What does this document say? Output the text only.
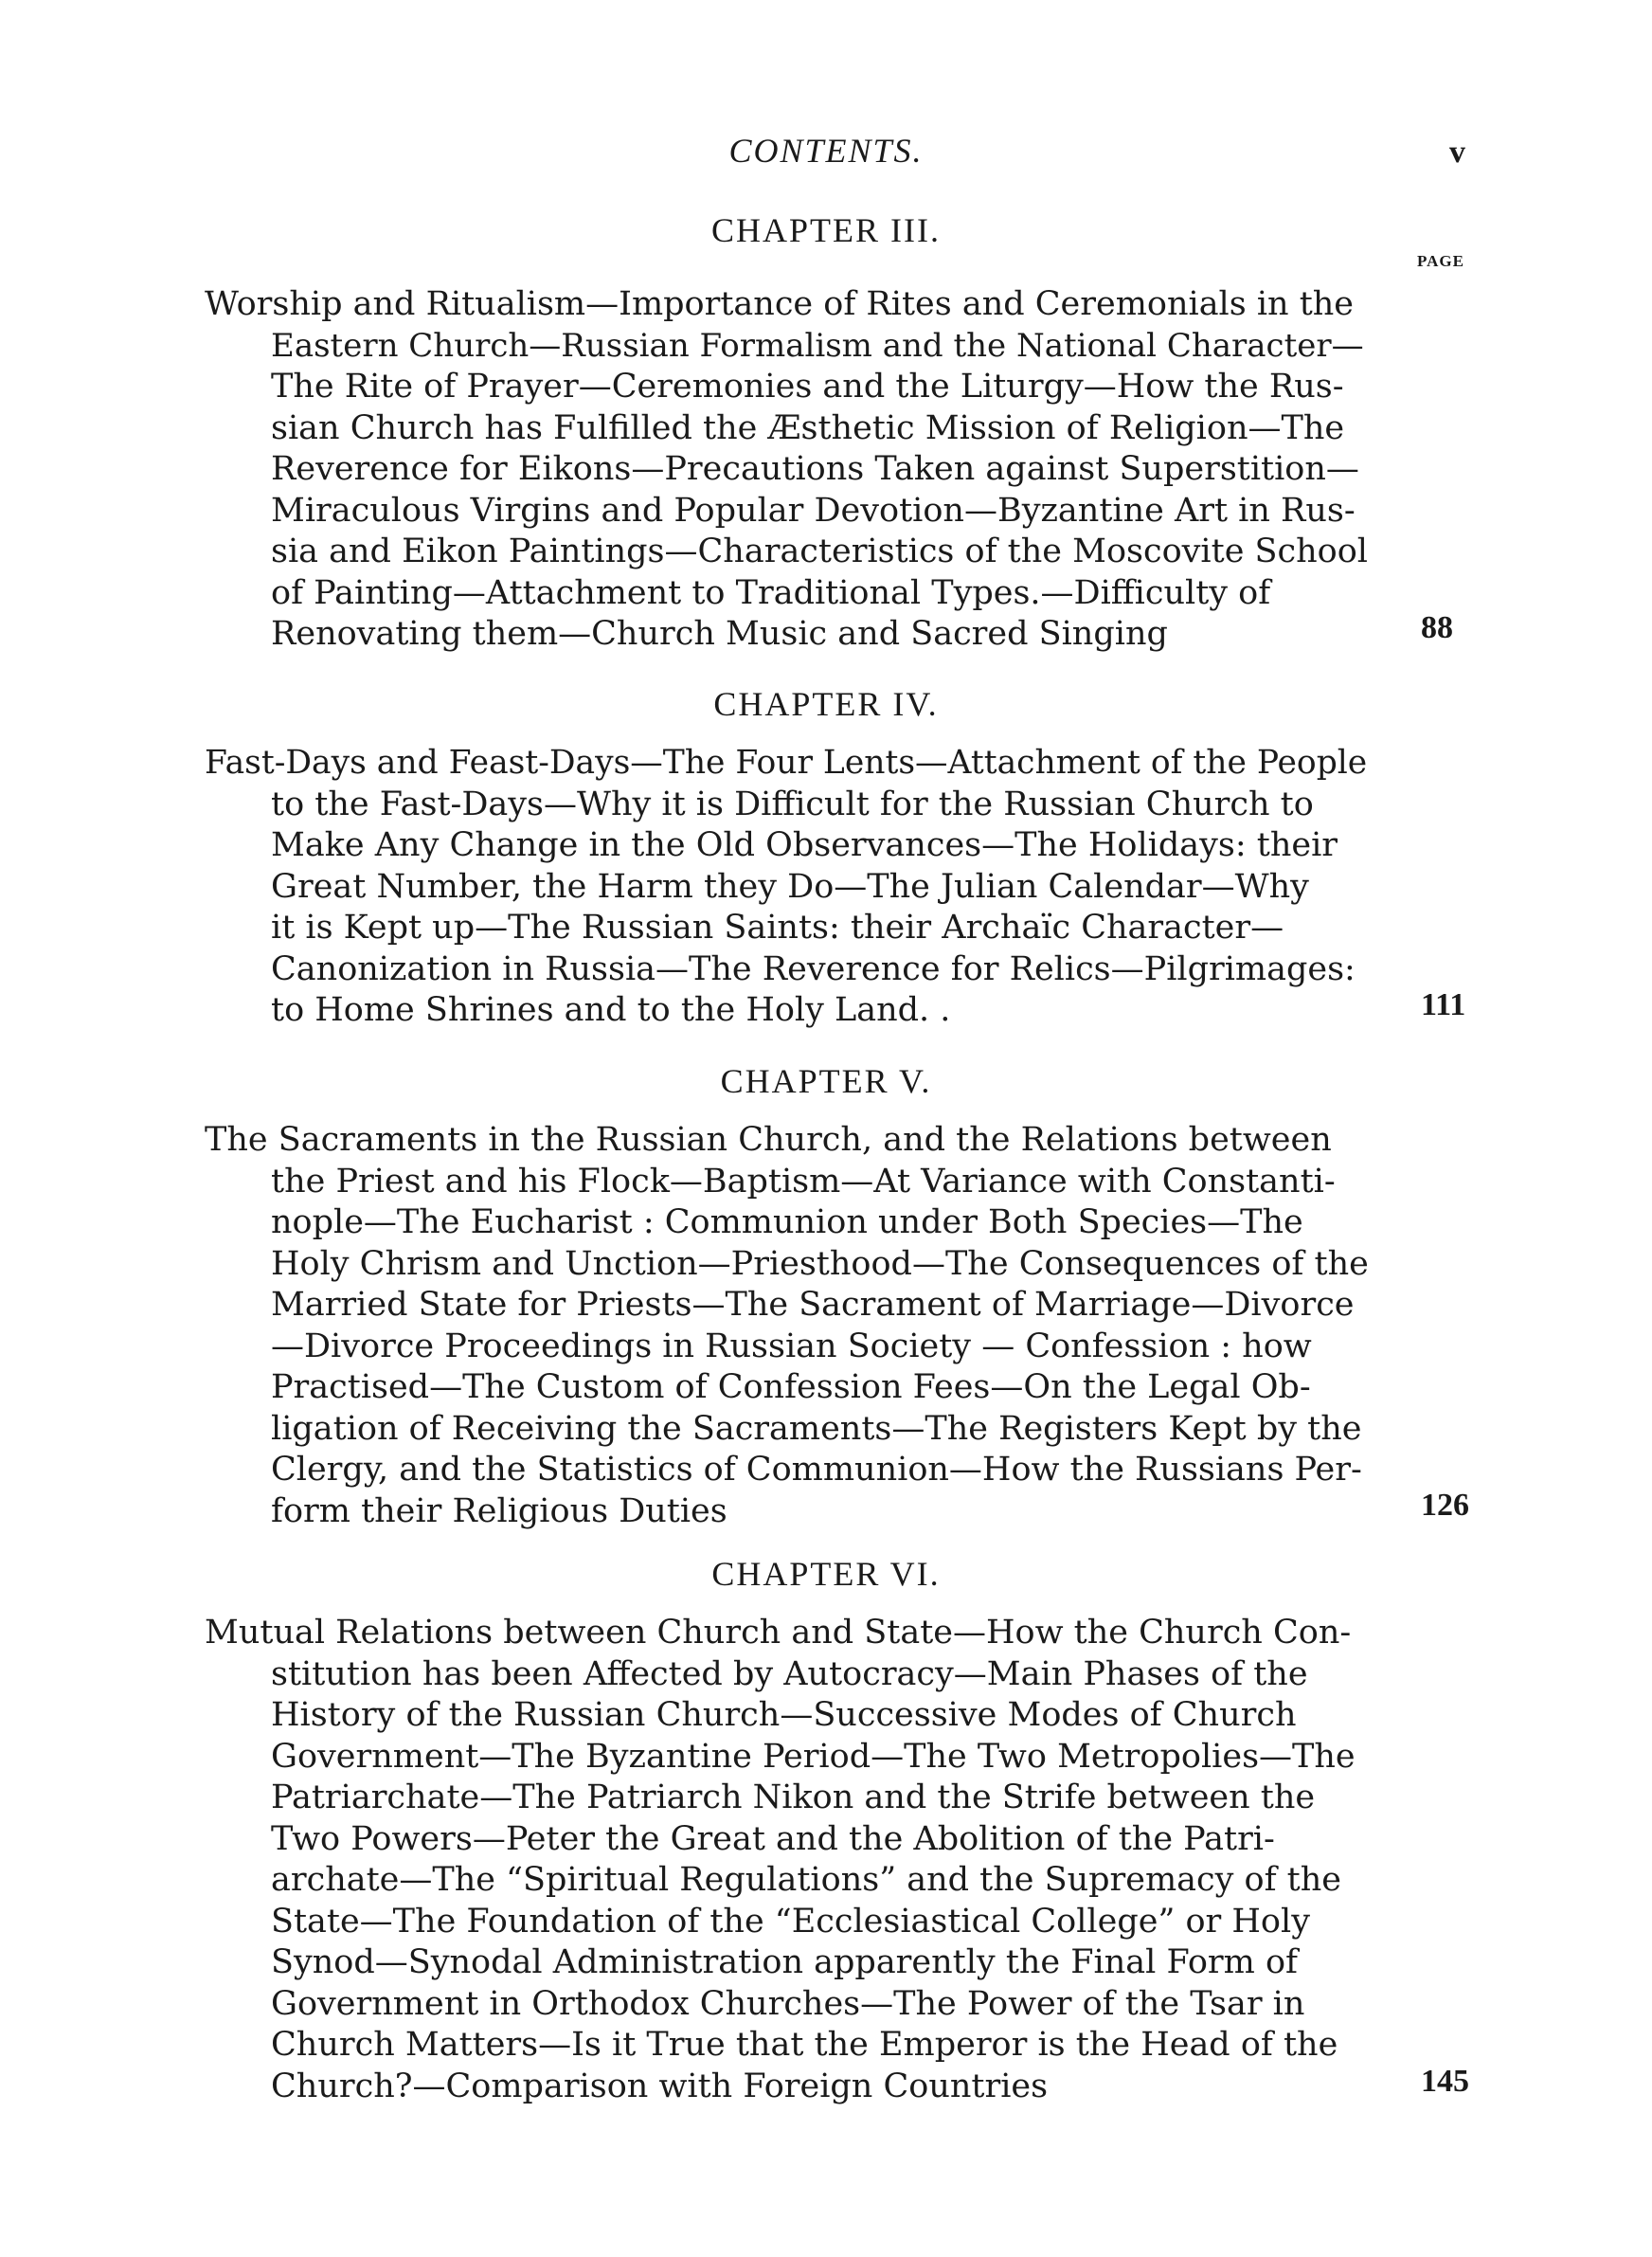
CONTENTS.	v
CHAPTER III.
PAGE
Worship and Ritualism—Importance of Rites and Ceremonials in the
Eastern Church—Russian Formalism and the National Character—
The Rite of Prayer—Ceremonies and the Liturgy—How the Rus-
sian Church has Fulfilled the Æsthetic Mission of Religion—The
Reverence for Eikons—Precautions Taken against Superstition—
Miraculous Virgins and Popular Devotion—Byzantine Art in Rus-
sia and Eikon Paintings—Characteristics of the Moscovite School
of Painting—Attachment to Traditional Types.—Difficulty of
Renovating them—Church Music and Sacred Singing	88
CHAPTER IV.
Fast-Days and Feast-Days—The Four Lents—Attachment of the People
to the Fast-Days—Why it is Difficult for the Russian Church to
Make Any Change in the Old Observances—The Holidays: their
Great Number, the Harm they Do—The Julian Calendar—Why
it is Kept up—The Russian Saints: their Archaïc Character—
Canonization in Russia—The Reverence for Relics—Pilgrimages:
to Home Shrines and to the Holy Land. .	111
CHAPTER V.
The Sacraments in the Russian Church, and the Relations between
the Priest and his Flock—Baptism—At Variance with Constanti-
nople—The Eucharist : Communion under Both Species—The
Holy Chrism and Unction—Priesthood—The Consequences of the
Married State for Priests—The Sacrament of Marriage—Divorce
—Divorce Proceedings in Russian Society — Confession : how
Practised—The Custom of Confession Fees—On the Legal Ob-
ligation of Receiving the Sacraments—The Registers Kept by the
Clergy, and the Statistics of Communion—How the Russians Per-
form their Religious Duties	126
CHAPTER VI.
Mutual Relations between Church and State—How the Church Con-
stitution has been Affected by Autocracy—Main Phases of the
History of the Russian Church—Successive Modes of Church
Government—The Byzantine Period—The Two Metropolies—The
Patriarchate—The Patriarch Nikon and the Strife between the
Two Powers—Peter the Great and the Abolition of the Patri-
archate—The “Spiritual Regulations” and the Supremacy of the
State—The Foundation of the “Ecclesiastical College” or Holy
Synod—Synodal Administration apparently the Final Form of
Government in Orthodox Churches—The Power of the Tsar in
Church Matters—Is it True that the Emperor is the Head of the
Church?—Comparison with Foreign Countries	145
